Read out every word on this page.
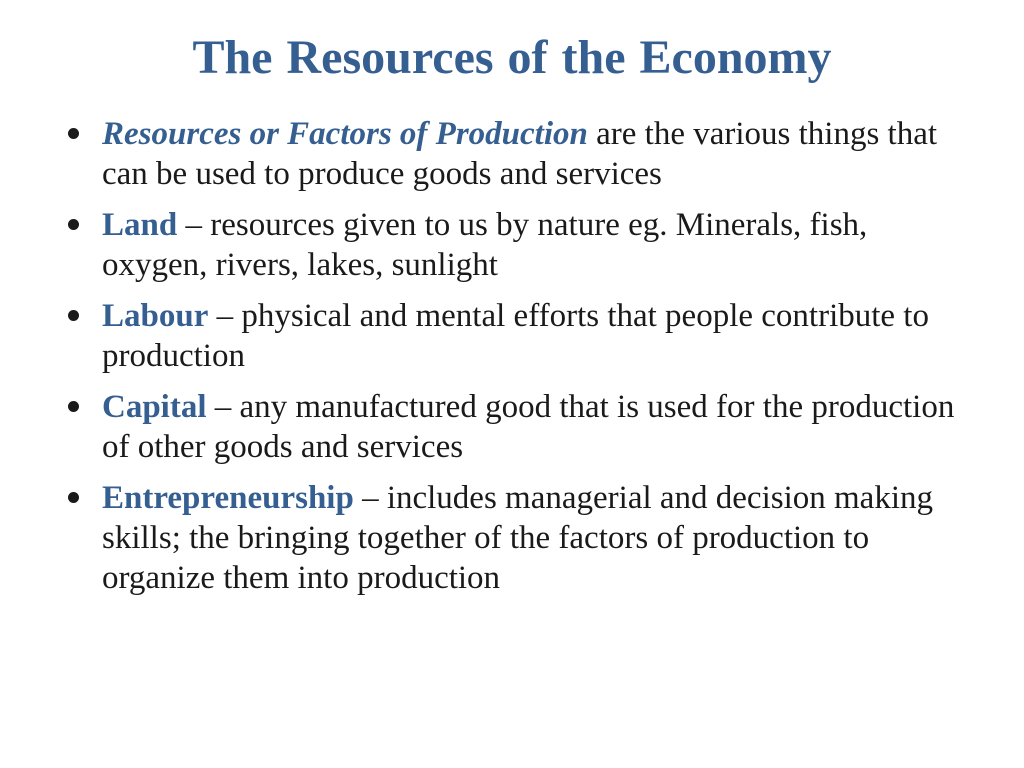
The Resources of the Economy
Resources or Factors of Production are the various things that can be used to produce goods and services
Land – resources given to us by nature eg. Minerals, fish, oxygen, rivers, lakes, sunlight
Labour – physical and mental efforts that people contribute to production
Capital – any manufactured good that is used for the production of other goods and services
Entrepreneurship – includes managerial and decision making skills; the bringing together of the factors of production to organize them into production
